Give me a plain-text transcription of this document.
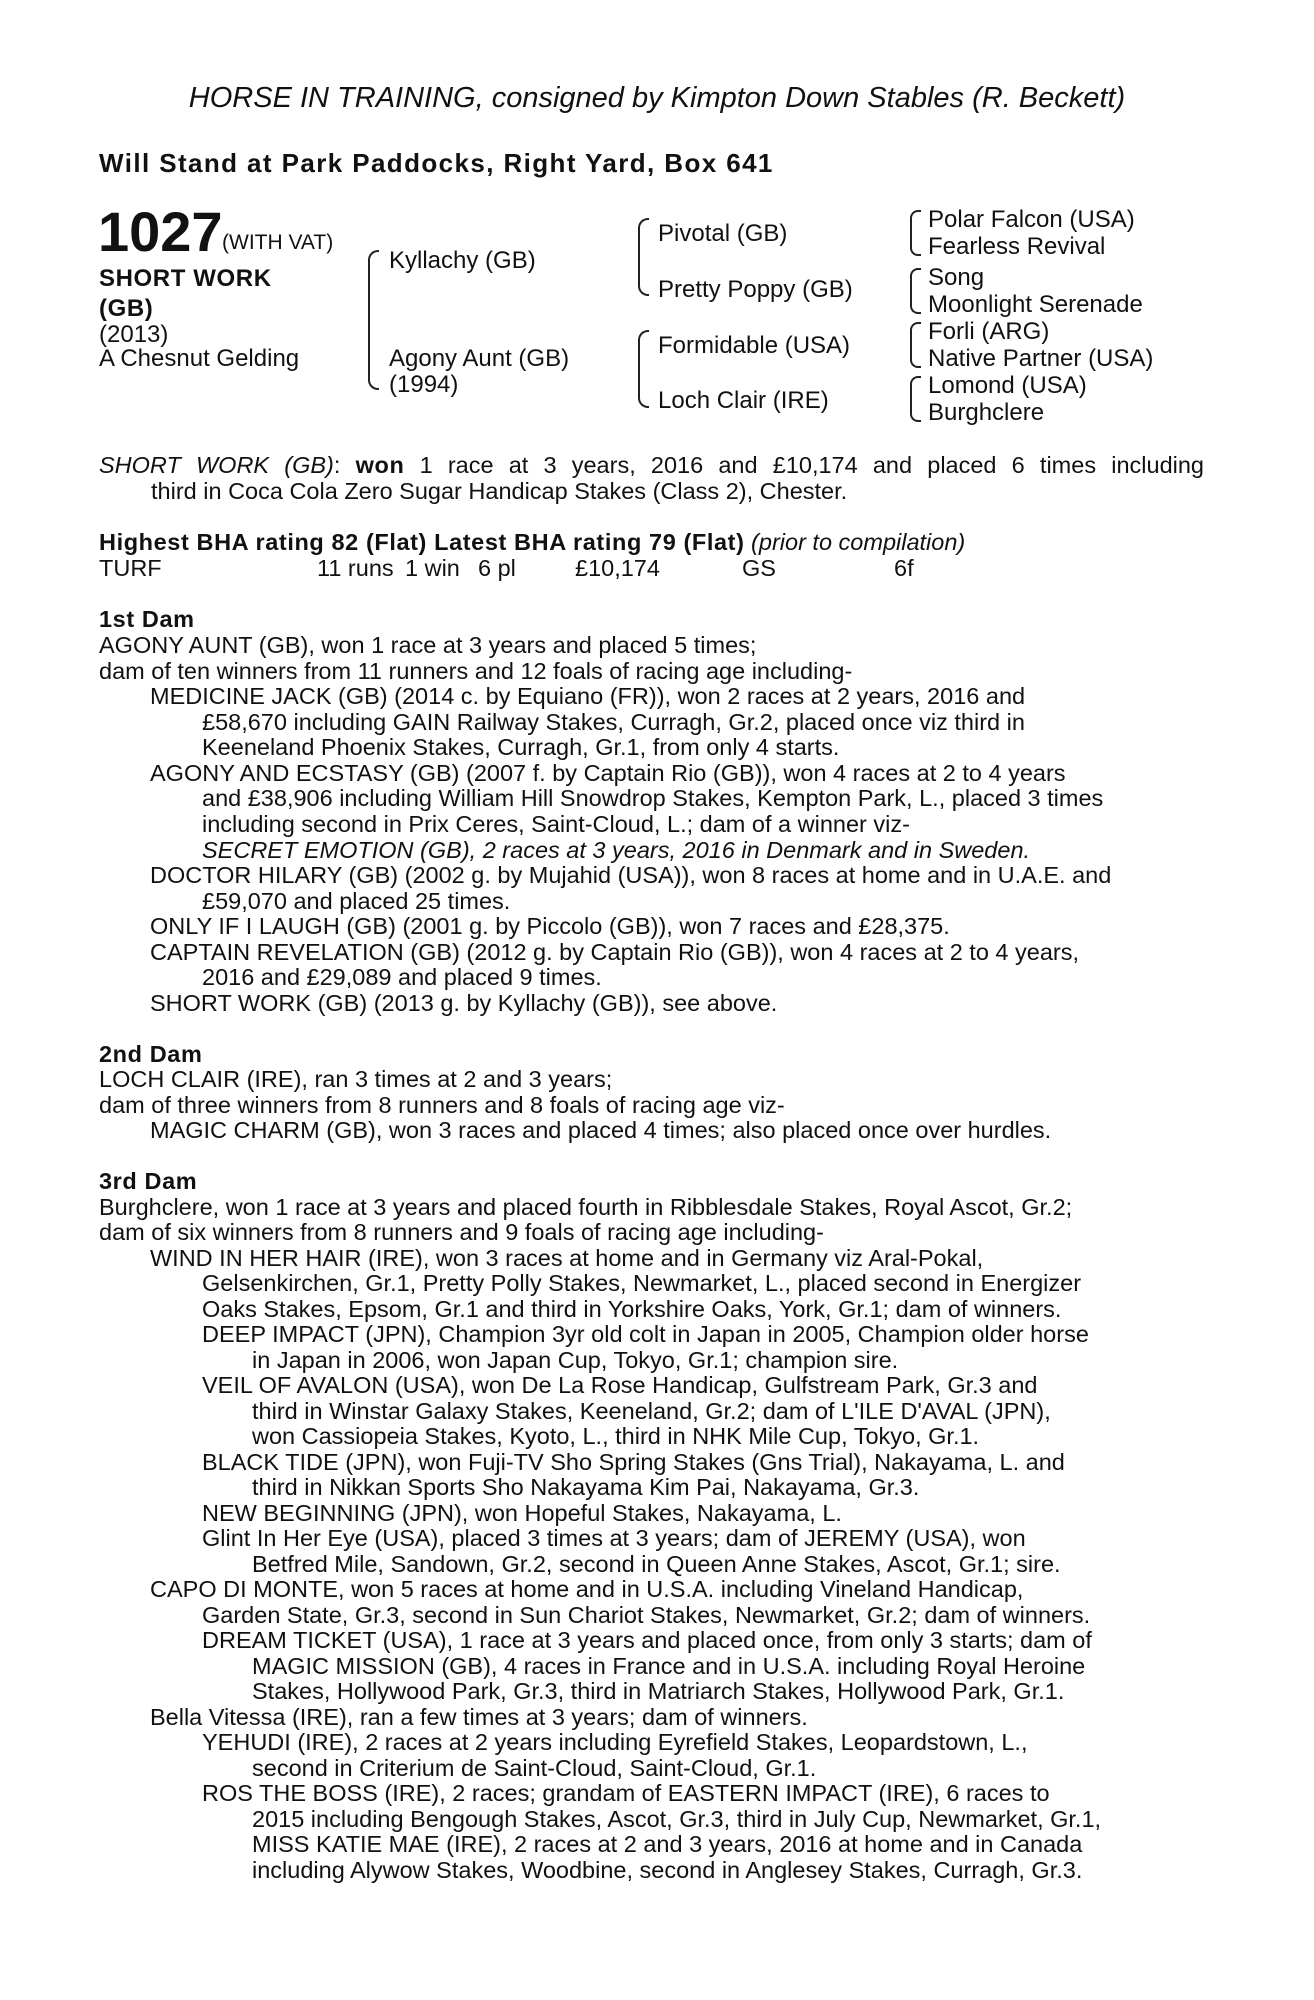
HORSE IN TRAINING, consigned by Kimpton Down Stables (R. Beckett)
Will Stand at Park Paddocks, Right Yard, Box 641
1027 (WITH VAT)
SHORT WORK
(GB)
(2013)
A Chesnut Gelding
Kyllachy (GB)
Agony Aunt (GB)
(1994)
Pivotal (GB)
Pretty Poppy (GB)
Formidable (USA)
Loch Clair (IRE)
Polar Falcon (USA)
Fearless Revival
Song
Moonlight Serenade
Forli (ARG)
Native Partner (USA)
Lomond (USA)
Burghclere
SHORT WORK (GB): won 1 race at 3 years, 2016 and £10,174 and placed 6 times including
third in Coca Cola Zero Sugar Handicap Stakes (Class 2), Chester.
Highest BHA rating 82 (Flat) Latest BHA rating 79 (Flat) (prior to compilation)
TURF	11 runs 1 win 6 pl	£10,174	GS	6f
1st Dam
AGONY AUNT (GB), won 1 race at 3 years and placed 5 times;
dam of ten winners from 11 runners and 12 foals of racing age including-
MEDICINE JACK (GB) (2014 c. by Equiano (FR)), won 2 races at 2 years, 2016 and
£58,670 including GAIN Railway Stakes, Curragh, Gr.2, placed once viz third in
Keeneland Phoenix Stakes, Curragh, Gr.1, from only 4 starts.
AGONY AND ECSTASY (GB) (2007 f. by Captain Rio (GB)), won 4 races at 2 to 4 years
and £38,906 including William Hill Snowdrop Stakes, Kempton Park, L., placed 3 times
including second in Prix Ceres, Saint-Cloud, L.; dam of a winner viz-
SECRET EMOTION (GB), 2 races at 3 years, 2016 in Denmark and in Sweden.
DOCTOR HILARY (GB) (2002 g. by Mujahid (USA)), won 8 races at home and in U.A.E. and
£59,070 and placed 25 times.
ONLY IF I LAUGH (GB) (2001 g. by Piccolo (GB)), won 7 races and £28,375.
CAPTAIN REVELATION (GB) (2012 g. by Captain Rio (GB)), won 4 races at 2 to 4 years,
2016 and £29,089 and placed 9 times.
SHORT WORK (GB) (2013 g. by Kyllachy (GB)), see above.
2nd Dam
LOCH CLAIR (IRE), ran 3 times at 2 and 3 years;
dam of three winners from 8 runners and 8 foals of racing age viz-
MAGIC CHARM (GB), won 3 races and placed 4 times; also placed once over hurdles.
3rd Dam
Burghclere, won 1 race at 3 years and placed fourth in Ribblesdale Stakes, Royal Ascot, Gr.2;
dam of six winners from 8 runners and 9 foals of racing age including-
WIND IN HER HAIR (IRE), won 3 races at home and in Germany viz Aral-Pokal,
Gelsenkirchen, Gr.1, Pretty Polly Stakes, Newmarket, L., placed second in Energizer
Oaks Stakes, Epsom, Gr.1 and third in Yorkshire Oaks, York, Gr.1; dam of winners.
DEEP IMPACT (JPN), Champion 3yr old colt in Japan in 2005, Champion older horse
in Japan in 2006, won Japan Cup, Tokyo, Gr.1; champion sire.
VEIL OF AVALON (USA), won De La Rose Handicap, Gulfstream Park, Gr.3 and
third in Winstar Galaxy Stakes, Keeneland, Gr.2; dam of L'ILE D'AVAL (JPN),
won Cassiopeia Stakes, Kyoto, L., third in NHK Mile Cup, Tokyo, Gr.1.
BLACK TIDE (JPN), won Fuji-TV Sho Spring Stakes (Gns Trial), Nakayama, L. and
third in Nikkan Sports Sho Nakayama Kim Pai, Nakayama, Gr.3.
NEW BEGINNING (JPN), won Hopeful Stakes, Nakayama, L.
Glint In Her Eye (USA), placed 3 times at 3 years; dam of JEREMY (USA), won
Betfred Mile, Sandown, Gr.2, second in Queen Anne Stakes, Ascot, Gr.1; sire.
CAPO DI MONTE, won 5 races at home and in U.S.A. including Vineland Handicap,
Garden State, Gr.3, second in Sun Chariot Stakes, Newmarket, Gr.2; dam of winners.
DREAM TICKET (USA), 1 race at 3 years and placed once, from only 3 starts; dam of
MAGIC MISSION (GB), 4 races in France and in U.S.A. including Royal Heroine
Stakes, Hollywood Park, Gr.3, third in Matriarch Stakes, Hollywood Park, Gr.1.
Bella Vitessa (IRE), ran a few times at 3 years; dam of winners.
YEHUDI (IRE), 2 races at 2 years including Eyrefield Stakes, Leopardstown, L.,
second in Criterium de Saint-Cloud, Saint-Cloud, Gr.1.
ROS THE BOSS (IRE), 2 races; grandam of EASTERN IMPACT (IRE), 6 races to
2015 including Bengough Stakes, Ascot, Gr.3, third in July Cup, Newmarket, Gr.1,
MISS KATIE MAE (IRE), 2 races at 2 and 3 years, 2016 at home and in Canada
including Alywow Stakes, Woodbine, second in Anglesey Stakes, Curragh, Gr.3.
